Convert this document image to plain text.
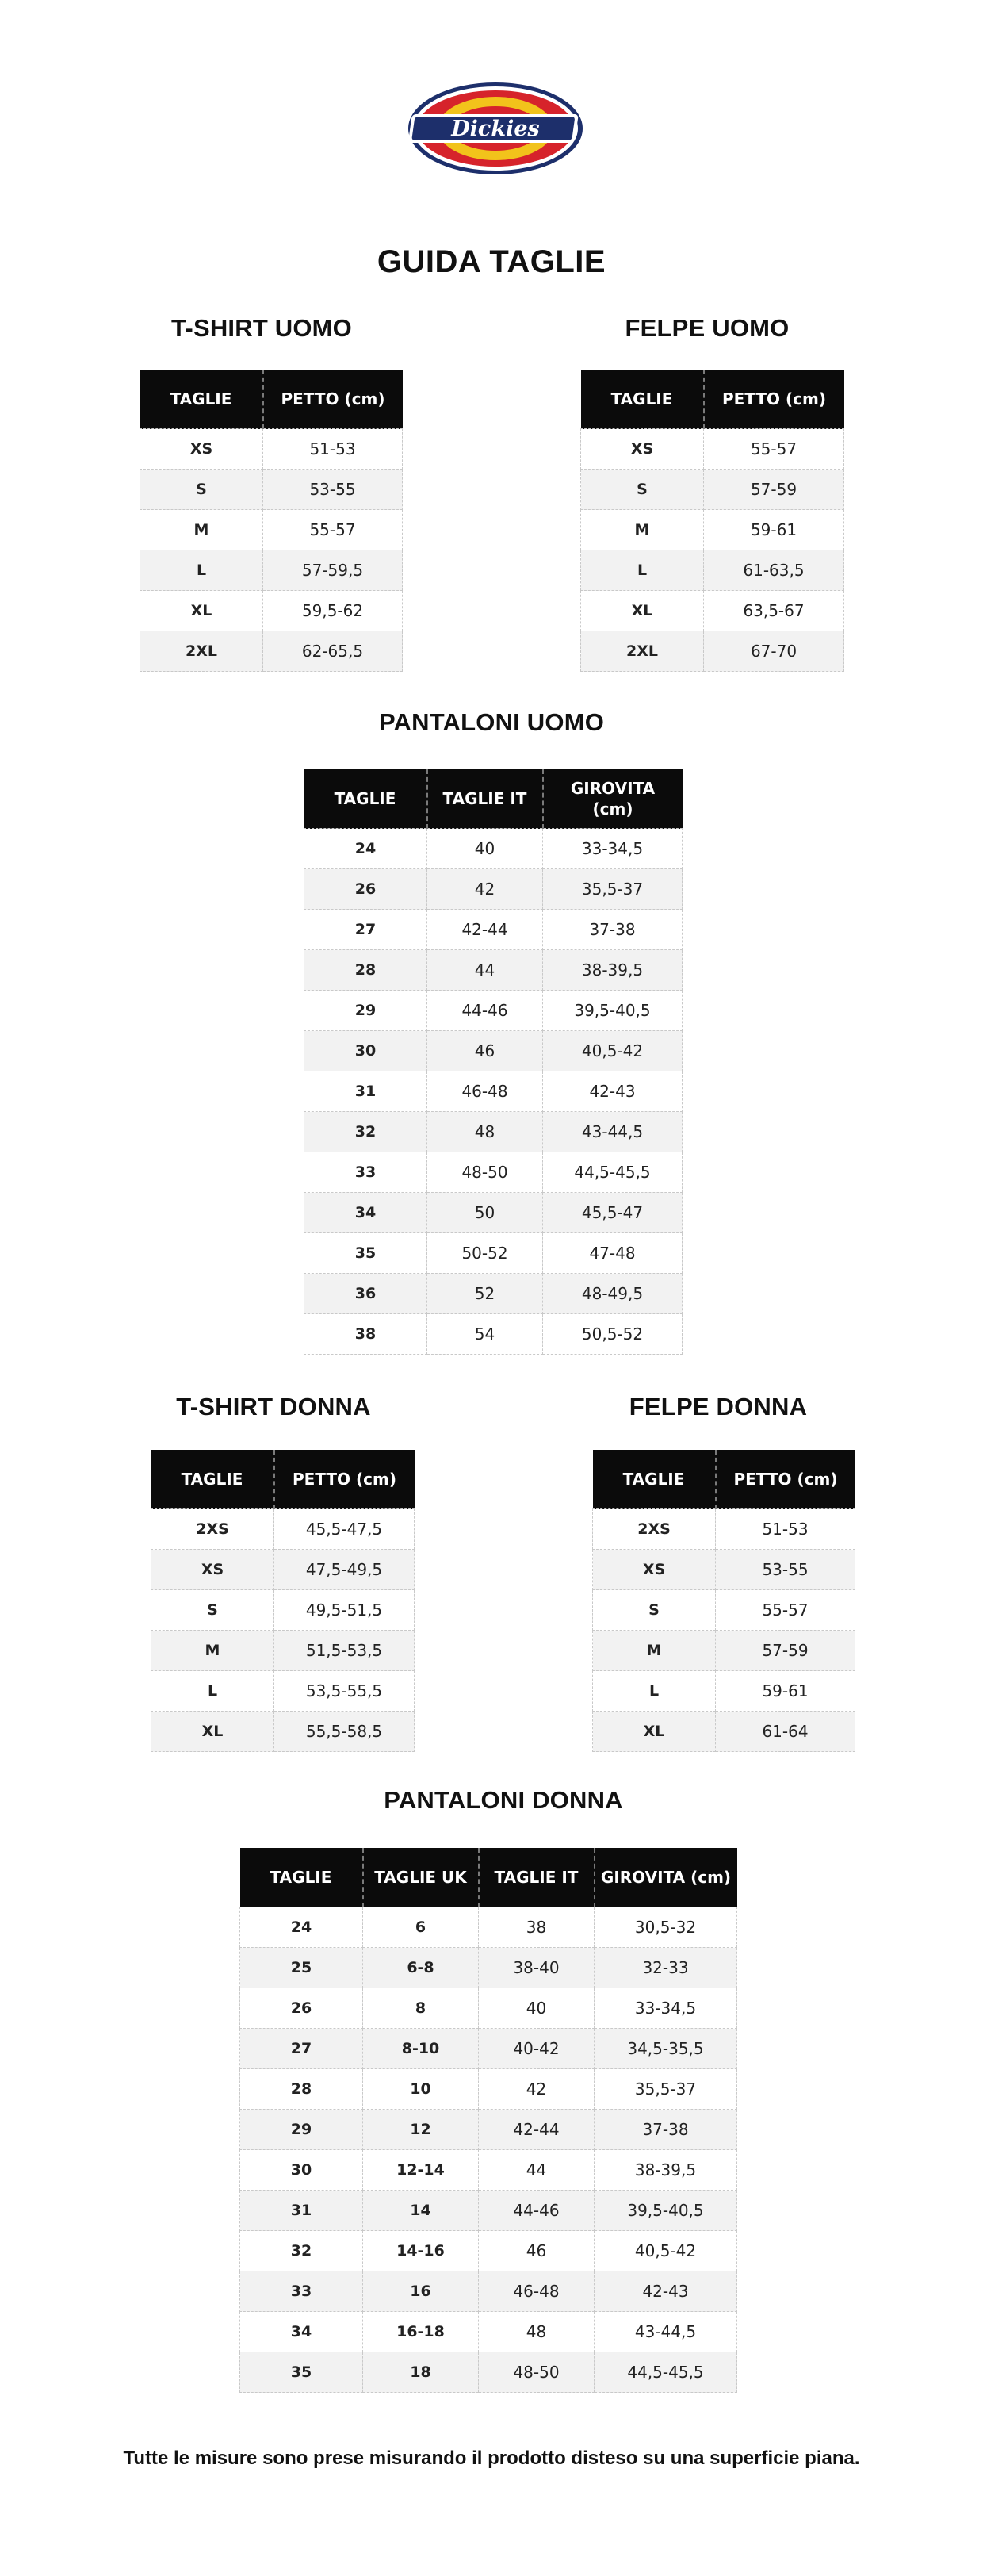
Dickies
GUIDA TAGLIE
T-SHIRT UOMO
TAGLIE	PETTO (cm)
XS	51-53
S	53-55
M	55-57
L	57-59,5
XL	59,5-62
2XL	62-65,5
FELPE UOMO
TAGLIE	PETTO (cm)
XS	55-57
S	57-59
M	59-61
L	61-63,5
XL	63,5-67
2XL	67-70
PANTALONI UOMO
TAGLIE	TAGLIE IT	GIROVITA (cm)
24	40	33-34,5
26	42	35,5-37
27	42-44	37-38
28	44	38-39,5
29	44-46	39,5-40,5
30	46	40,5-42
31	46-48	42-43
32	48	43-44,5
33	48-50	44,5-45,5
34	50	45,5-47
35	50-52	47-48
36	52	48-49,5
38	54	50,5-52
T-SHIRT DONNA
TAGLIE	PETTO (cm)
2XS	45,5-47,5
XS	47,5-49,5
S	49,5-51,5
M	51,5-53,5
L	53,5-55,5
XL	55,5-58,5
FELPE DONNA
TAGLIE	PETTO (cm)
2XS	51-53
XS	53-55
S	55-57
M	57-59
L	59-61
XL	61-64
PANTALONI DONNA
TAGLIE	TAGLIE UK	TAGLIE IT	GIROVITA (cm)
24	6	38	30,5-32
25	6-8	38-40	32-33
26	8	40	33-34,5
27	8-10	40-42	34,5-35,5
28	10	42	35,5-37
29	12	42-44	37-38
30	12-14	44	38-39,5
31	14	44-46	39,5-40,5
32	14-16	46	40,5-42
33	16	46-48	42-43
34	16-18	48	43-44,5
35	18	48-50	44,5-45,5
Tutte le misure sono prese misurando il prodotto disteso su una superficie piana.
